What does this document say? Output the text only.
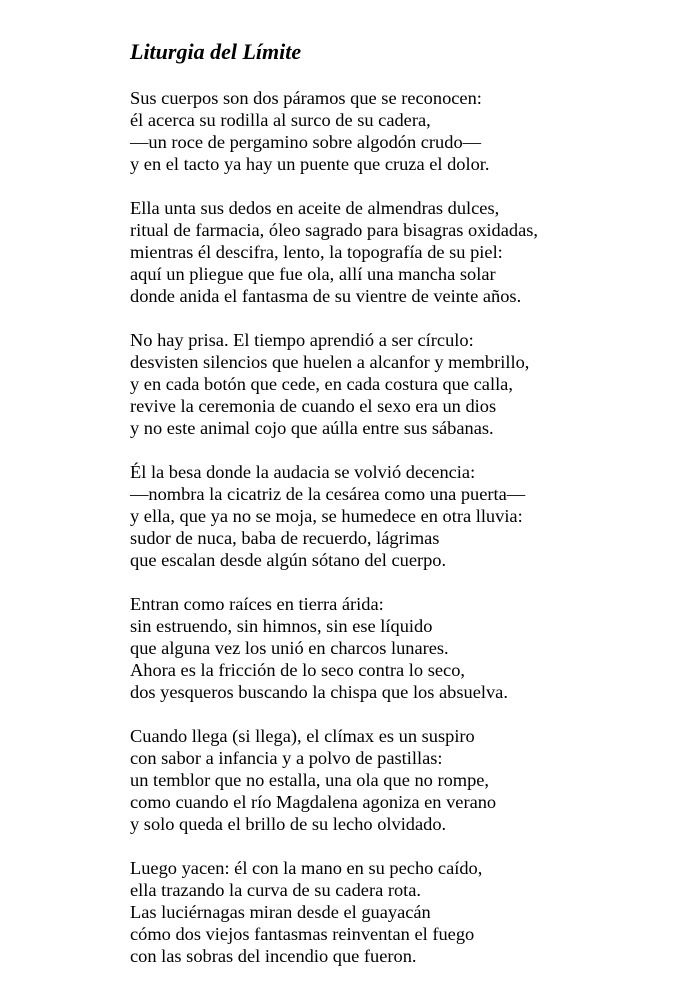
Liturgia del Límite
Sus cuerpos son dos páramos que se reconocen:
él acerca su rodilla al surco de su cadera,
—un roce de pergamino sobre algodón crudo—
y en el tacto ya hay un puente que cruza el dolor.
Ella unta sus dedos en aceite de almendras dulces,
ritual de farmacia, óleo sagrado para bisagras oxidadas,
mientras él descifra, lento, la topografía de su piel:
aquí un pliegue que fue ola, allí una mancha solar
donde anida el fantasma de su vientre de veinte años.
No hay prisa. El tiempo aprendió a ser círculo:
desvisten silencios que huelen a alcanfor y membrillo,
y en cada botón que cede, en cada costura que calla,
revive la ceremonia de cuando el sexo era un dios
y no este animal cojo que aúlla entre sus sábanas.
Él la besa donde la audacia se volvió decencia:
—nombra la cicatriz de la cesárea como una puerta—
y ella, que ya no se moja, se humedece en otra lluvia:
sudor de nuca, baba de recuerdo, lágrimas
que escalan desde algún sótano del cuerpo.
Entran como raíces en tierra árida:
sin estruendo, sin himnos, sin ese líquido
que alguna vez los unió en charcos lunares.
Ahora es la fricción de lo seco contra lo seco,
dos yesqueros buscando la chispa que los absuelva.
Cuando llega (si llega), el clímax es un suspiro
con sabor a infancia y a polvo de pastillas:
un temblor que no estalla, una ola que no rompe,
como cuando el río Magdalena agoniza en verano
y solo queda el brillo de su lecho olvidado.
Luego yacen: él con la mano en su pecho caído,
ella trazando la curva de su cadera rota.
Las luciérnagas miran desde el guayacán
cómo dos viejos fantasmas reinventan el fuego
con las sobras del incendio que fueron.
